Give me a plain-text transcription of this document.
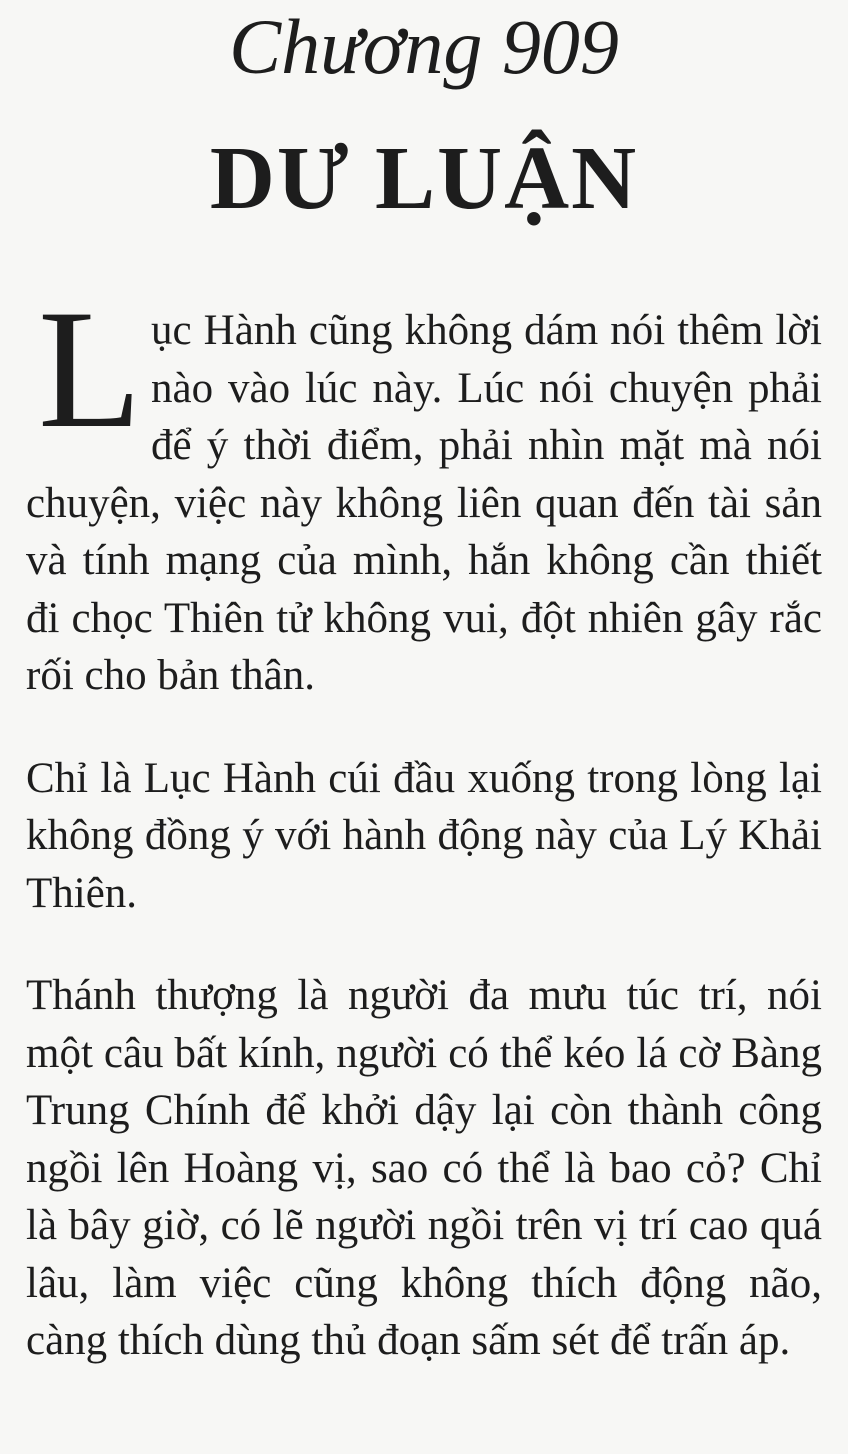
Chương 909
DƯ LUẬN

L ục Hành cũng không dám nói thêm lời nào vào lúc này. Lúc nói chuyện phải để ý thời điểm, phải nhìn mặt mà nói chuyện, việc này không liên quan đến tài sản và tính mạng của mình, hắn không cần thiết đi chọc Thiên tử không vui, đột nhiên gây rắc rối cho bản thân.

Chỉ là Lục Hành cúi đầu xuống trong lòng lại không đồng ý với hành động này của Lý Khải Thiên.

Thánh thượng là người đa mưu túc trí, nói một câu bất kính, người có thể kéo lá cờ Bàng Trung Chính để khởi dậy lại còn thành công ngồi lên Hoàng vị, sao có thể là bao cỏ? Chỉ là bây giờ, có lẽ người ngồi trên vị trí cao quá lâu, làm việc cũng không thích động não, càng thích dùng thủ đoạn sấm sét để trấn áp.
